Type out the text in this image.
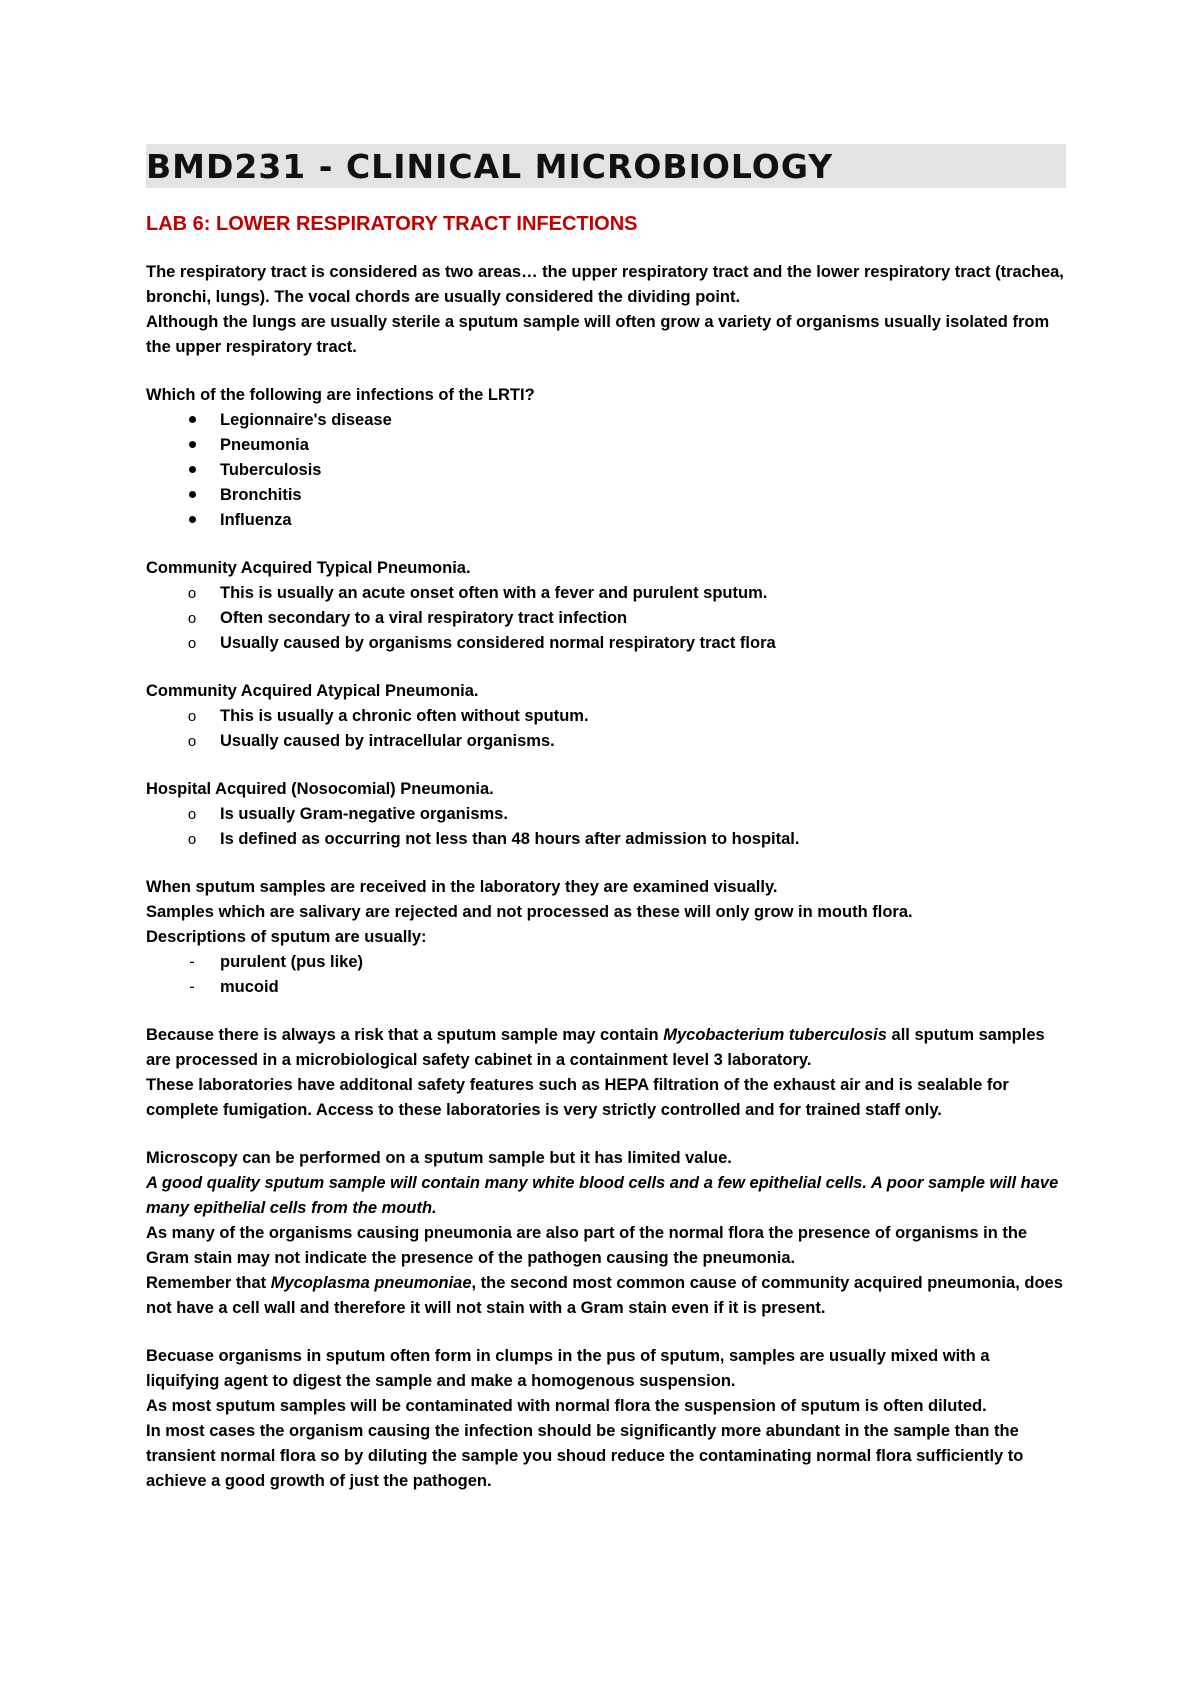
BMD231 - CLINICAL MICROBIOLOGY
LAB 6: LOWER RESPIRATORY TRACT INFECTIONS

The respiratory tract is considered as two areas… the upper respiratory tract and the lower respiratory tract (trachea, bronchi, lungs). The vocal chords are usually considered the dividing point.

Although the lungs are usually sterile a sputum sample will often grow a variety of organisms usually isolated from the upper respiratory tract.

Which of the following are infections of the LRTI?

Legionnaire's disease
Pneumonia
Tuberculosis
Bronchitis
Influenza

Community Acquired Typical Pneumonia.

o	This is usually an acute onset often with a fever and purulent sputum.
o	Often secondary to a viral respiratory tract infection
o	Usually caused by organisms considered normal respiratory tract flora

Community Acquired Atypical Pneumonia.

o	This is usually a chronic often without sputum.
o	Usually caused by intracellular organisms.

Hospital Acquired (Nosocomial) Pneumonia.

o	Is usually Gram-negative organisms.
o	Is defined as occurring not less than 48 hours after admission to hospital.

When sputum samples are received in the laboratory they are examined visually.

Samples which are salivary are rejected and not processed as these will only grow in mouth flora.

Descriptions of sputum are usually:

-	purulent (pus like)
-	mucoid

Because there is always a risk that a sputum sample may contain Mycobacterium tuberculosis all sputum samples are processed in a microbiological safety cabinet in a containment level 3 laboratory.

These laboratories have additonal safety features such as HEPA filtration of the exhaust air and is sealable for complete fumigation. Access to these laboratories is very strictly controlled and for trained staff only.

Microscopy can be performed on a sputum sample but it has limited value.

A good quality sputum sample will contain many white blood cells and a few epithelial cells. A poor sample will have many epithelial cells from the mouth.

As many of the organisms causing pneumonia are also part of the normal flora the presence of organisms in the Gram stain may not indicate the presence of the pathogen causing the pneumonia.

Remember that Mycoplasma pneumoniae, the second most common cause of community acquired pneumonia, does not have a cell wall and therefore it will not stain with a Gram stain even if it is present.

Becuase organisms in sputum often form in clumps in the pus of sputum, samples are usually mixed with a liquifying agent to digest the sample and make a homogenous suspension.

As most sputum samples will be contaminated with normal flora the suspension of sputum is often diluted.

In most cases the organism causing the infection should be significantly more abundant in the sample than the transient normal flora so by diluting the sample you shoud reduce the contaminating normal flora sufficiently to achieve a good growth of just the pathogen.
